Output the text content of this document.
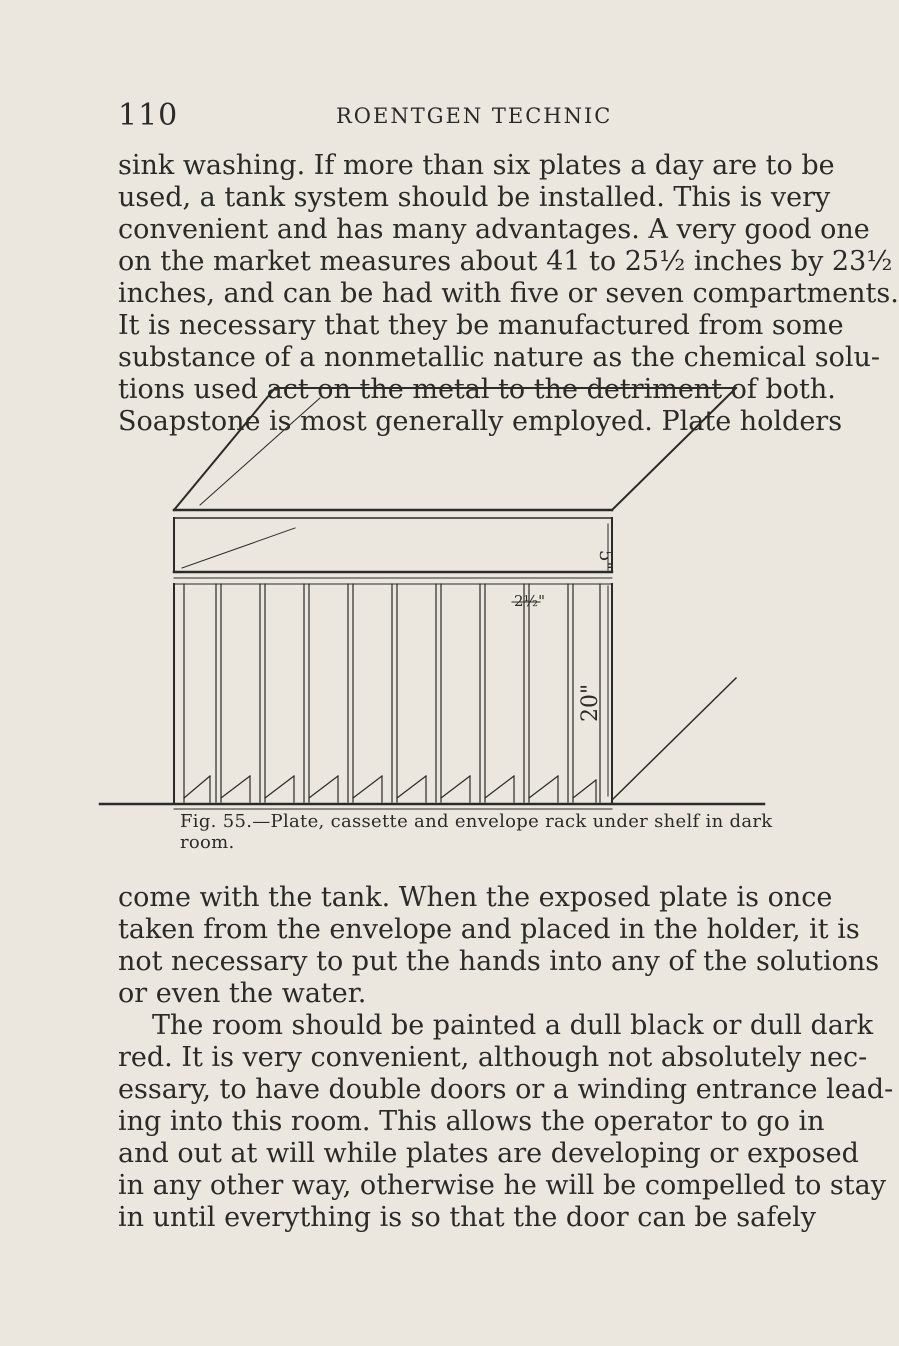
110	ROENTGEN TECHNIC
sink washing. If more than six plates a day are to be
used, a tank system should be installed. This is very
convenient and has many advantages. A very good one
on the market measures about 41 to 25½ inches by 23½
inches, and can be had with five or seven compartments.
It is necessary that they be manufactured from some
substance of a nonmetallic nature as the chemical solu-
tions used act on the metal to the detriment of both.
Soapstone is most generally employed. Plate holders
5"
2½"
20"
Fig. 55.—Plate, cassette and envelope rack under shelf in dark room.
come with the tank. When the exposed plate is once
taken from the envelope and placed in the holder, it is
not necessary to put the hands into any of the solutions
or even the water.
The room should be painted a dull black or dull dark
red. It is very convenient, although not absolutely nec-
essary, to have double doors or a winding entrance lead-
ing into this room. This allows the operator to go in
and out at will while plates are developing or exposed
in any other way, otherwise he will be compelled to stay
in until everything is so that the door can be safely
